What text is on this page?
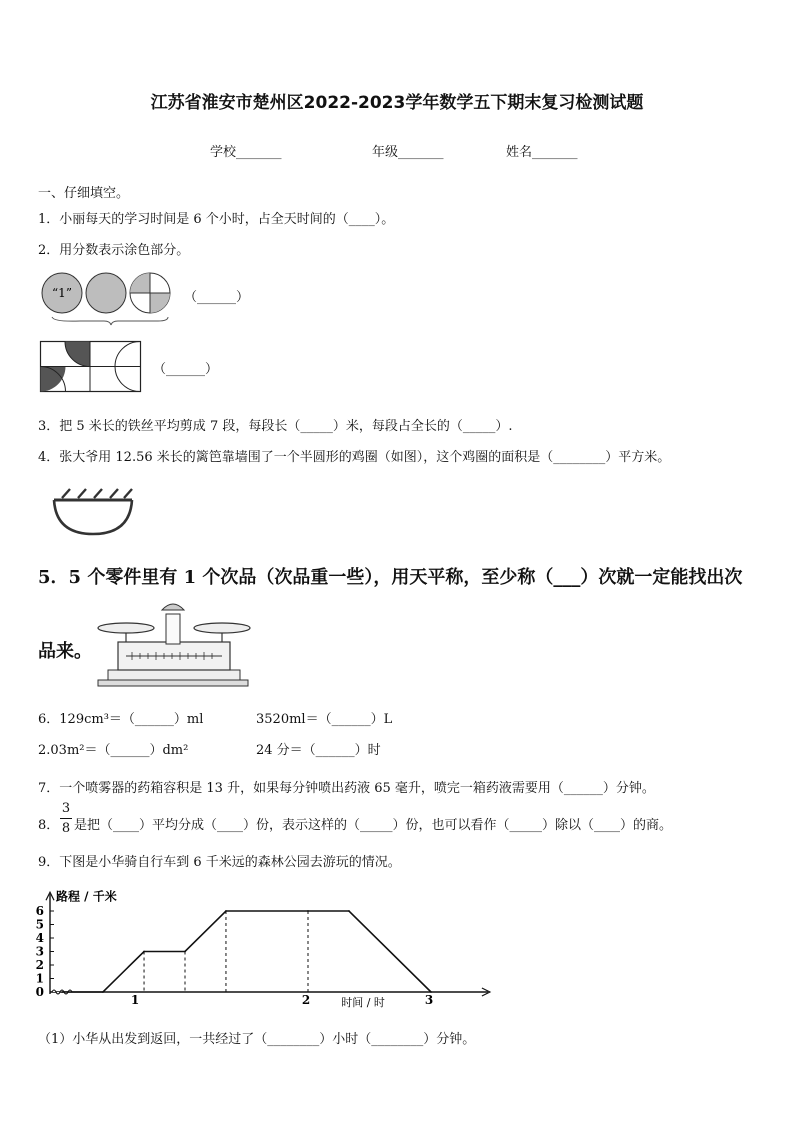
江苏省淮安市楚州区2022-2023学年数学五下期末复习检测试题
学校_______	年级_______	姓名_______
一、仔细填空。
1．小丽每天的学习时间是 6 个小时，占全天时间的（____）。
2．用分数表示涂色部分。
“1”	（______）
（______）
3．把 5 米长的铁丝平均剪成 7 段，每段长（_____）米，每段占全长的（_____）.
4．张大爷用 12.56 米长的篱笆靠墙围了一个半圆形的鸡圈（如图），这个鸡圈的面积是（________）平方米。
5．5 个零件里有 1 个次品（次品重一些），用天平称，至少称（___）次就一定能找出次
品来。
6．129cm³＝（______）ml	3520ml＝（______）L
2.03m²＝（______）dm²	24 分＝（______）时
7．一个喷雾器的药箱容积是 13 升，如果每分钟喷出药液 65 毫升，喷完一箱药液需要用（______）分钟。
8．
3
8 是把（____）平均分成（____）份，表示这样的（_____）份，也可以看作（_____）除以（____）的商。
9．下图是小华骑自行车到 6 千米远的森林公园去游玩的情况。
0
1
2
3
4
5
6
1	2	3
路程 / 千米
时间 / 时
（1）小华从出发到返回，一共经过了（________）小时（________）分钟。
